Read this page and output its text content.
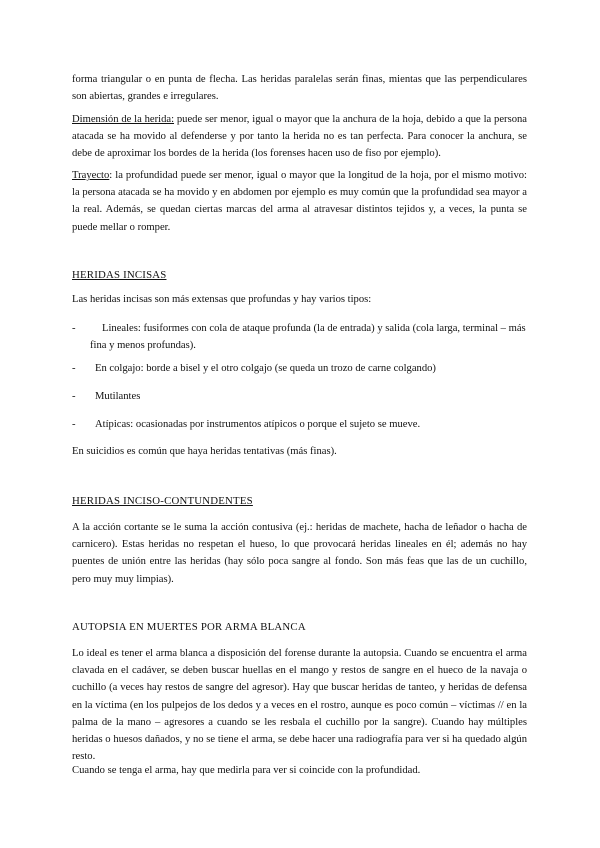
forma triangular o en punta de flecha. Las heridas paralelas serán finas, mientas que las perpendiculares son abiertas, grandes e irregulares.

Dimensión de la herida: puede ser menor, igual o mayor que la anchura de la hoja, debido a que la persona atacada se ha movido al defenderse y por tanto la herida no es tan perfecta. Para conocer la anchura, se debe de aproximar los bordes de la herida (los forenses hacen uso de fiso por ejemplo).

Trayecto: la profundidad puede ser menor, igual o mayor que la longitud de la hoja, por el mismo motivo: la persona atacada se ha movido y en abdomen por ejemplo es muy común que la profundidad sea mayor a la real. Además, se quedan ciertas marcas del arma al atravesar distintos tejidos y, a veces, la punta se puede mellar o romper.

HERIDAS INCISAS

Las heridas incisas son más extensas que profundas y hay varios tipos:

-	Lineales: fusiformes con cola de ataque profunda (la de entrada) y salida (cola larga, terminal – más fina y menos profundas).

- En colgajo: borde a bisel y el otro colgajo (se queda un trozo de carne colgando)

- Mutilantes

- Atípicas: ocasionadas por instrumentos atípicos o porque el sujeto se mueve.

En suicidios es común que haya heridas tentativas (más finas).

HERIDAS INCISO-CONTUNDENTES

A la acción cortante se le suma la acción contusiva (ej.: heridas de machete, hacha de leñador o hacha de carnicero). Estas heridas no respetan el hueso, lo que provocará heridas lineales en él; además no hay puentes de unión entre las heridas (hay sólo poca sangre al fondo. Son más feas que las de un cuchillo, pero muy muy limpias).

AUTOPSIA EN MUERTES POR ARMA BLANCA

Lo ideal es tener el arma blanca a disposición del forense durante la autopsia. Cuando se encuentra el arma clavada en el cadáver, se deben buscar huellas en el mango y restos de sangre en el hueco de la navaja o cuchillo (a veces hay restos de sangre del agresor). Hay que buscar heridas de tanteo, y heridas de defensa en la víctima (en los pulpejos de los dedos y a veces en el rostro, aunque es poco común – víctimas // en la palma de la mano – agresores a cuando se les resbala el cuchillo por la sangre). Cuando hay múltiples heridas o huesos dañados, y no se tiene el arma, se debe hacer una radiografía para ver si ha quedado algún resto.

Cuando se tenga el arma, hay que medirla para ver si coincide con la profundidad.
